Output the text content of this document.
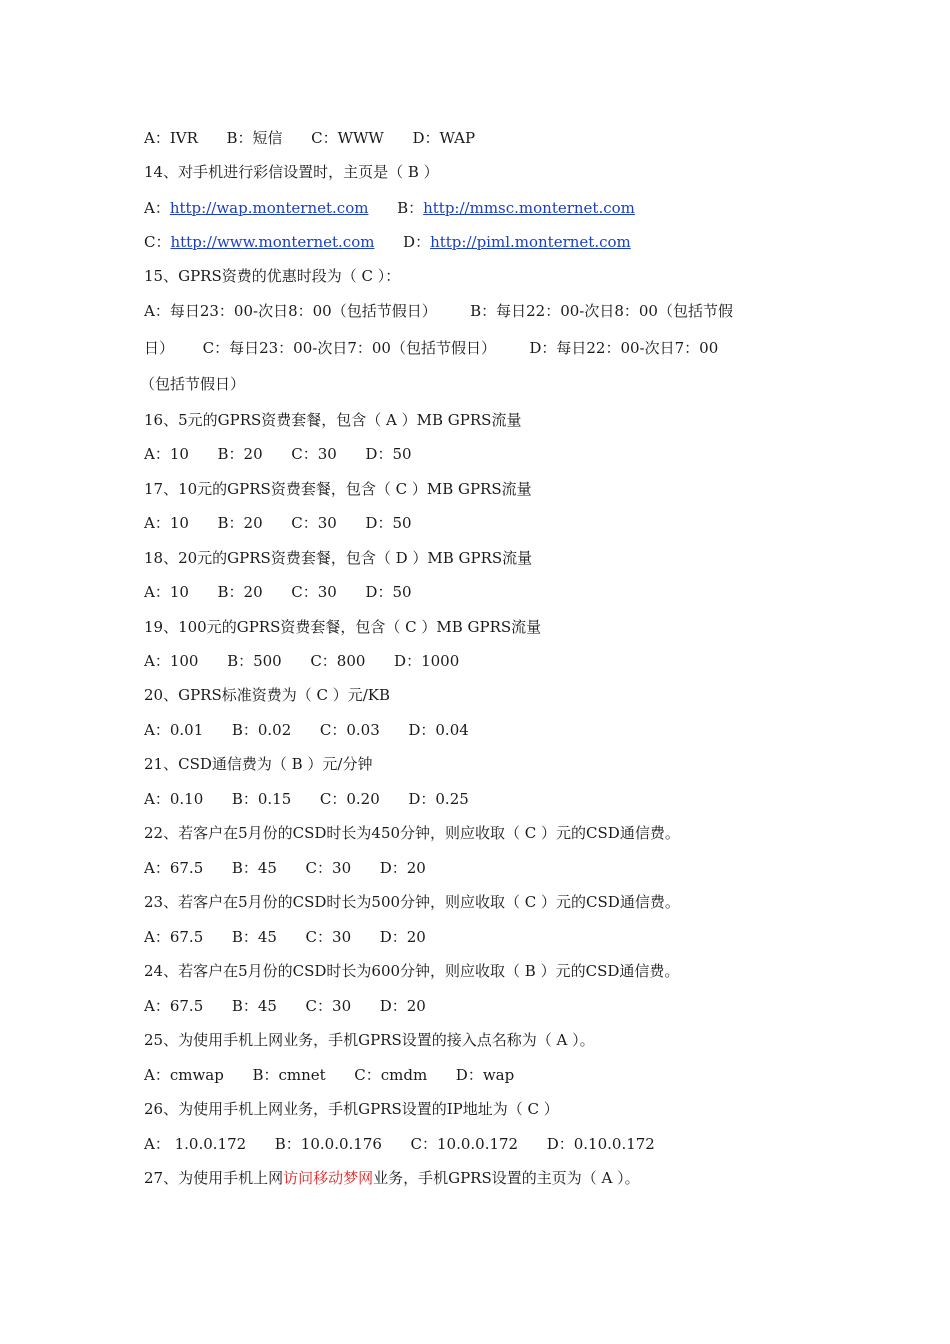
A：IVR      B：短信      C：WWW      D：WAP
14、对手机进行彩信设置时，主页是（ B ）
A：http://wap.monternet.com      B：http://mmsc.monternet.com
C：http://www.monternet.com      D：http://piml.monternet.com
15、GPRS资费的优惠时段为（ C ）：
A：每日23：00-次日8：00（包括节假日）       B：每日22：00-次日8：00（包括节假
日）      C：每日23：00-次日7：00（包括节假日）       D：每日22：00-次日7：00
（包括节假日）
16、5元的GPRS资费套餐，包含（ A ）MB GPRS流量
A：10      B：20      C：30      D：50
17、10元的GPRS资费套餐，包含（ C ）MB GPRS流量
A：10      B：20      C：30      D：50
18、20元的GPRS资费套餐，包含（ D ）MB GPRS流量
A：10      B：20      C：30      D：50
19、100元的GPRS资费套餐，包含（ C ）MB GPRS流量
A：100      B：500      C：800      D：1000
20、GPRS标准资费为（ C ）元/KB
A：0.01      B：0.02      C：0.03      D：0.04
21、CSD通信费为（ B ）元/分钟
A：0.10      B：0.15      C：0.20      D：0.25
22、若客户在5月份的CSD时长为450分钟，则应收取（ C ）元的CSD通信费。
A：67.5      B：45      C：30      D：20
23、若客户在5月份的CSD时长为500分钟，则应收取（ C ）元的CSD通信费。
A：67.5      B：45      C：30      D：20
24、若客户在5月份的CSD时长为600分钟，则应收取（ B ）元的CSD通信费。
A：67.5      B：45      C：30      D：20
25、为使用手机上网业务，手机GPRS设置的接入点名称为（ A ）。
A：cmwap      B：cmnet      C：cmdm      D：wap
26、为使用手机上网业务，手机GPRS设置的IP地址为（ C ）
A： 1.0.0.172      B：10.0.0.176      C：10.0.0.172      D：0.10.0.172
27、为使用手机上网访问移动梦网业务，手机GPRS设置的主页为（ A ）。
